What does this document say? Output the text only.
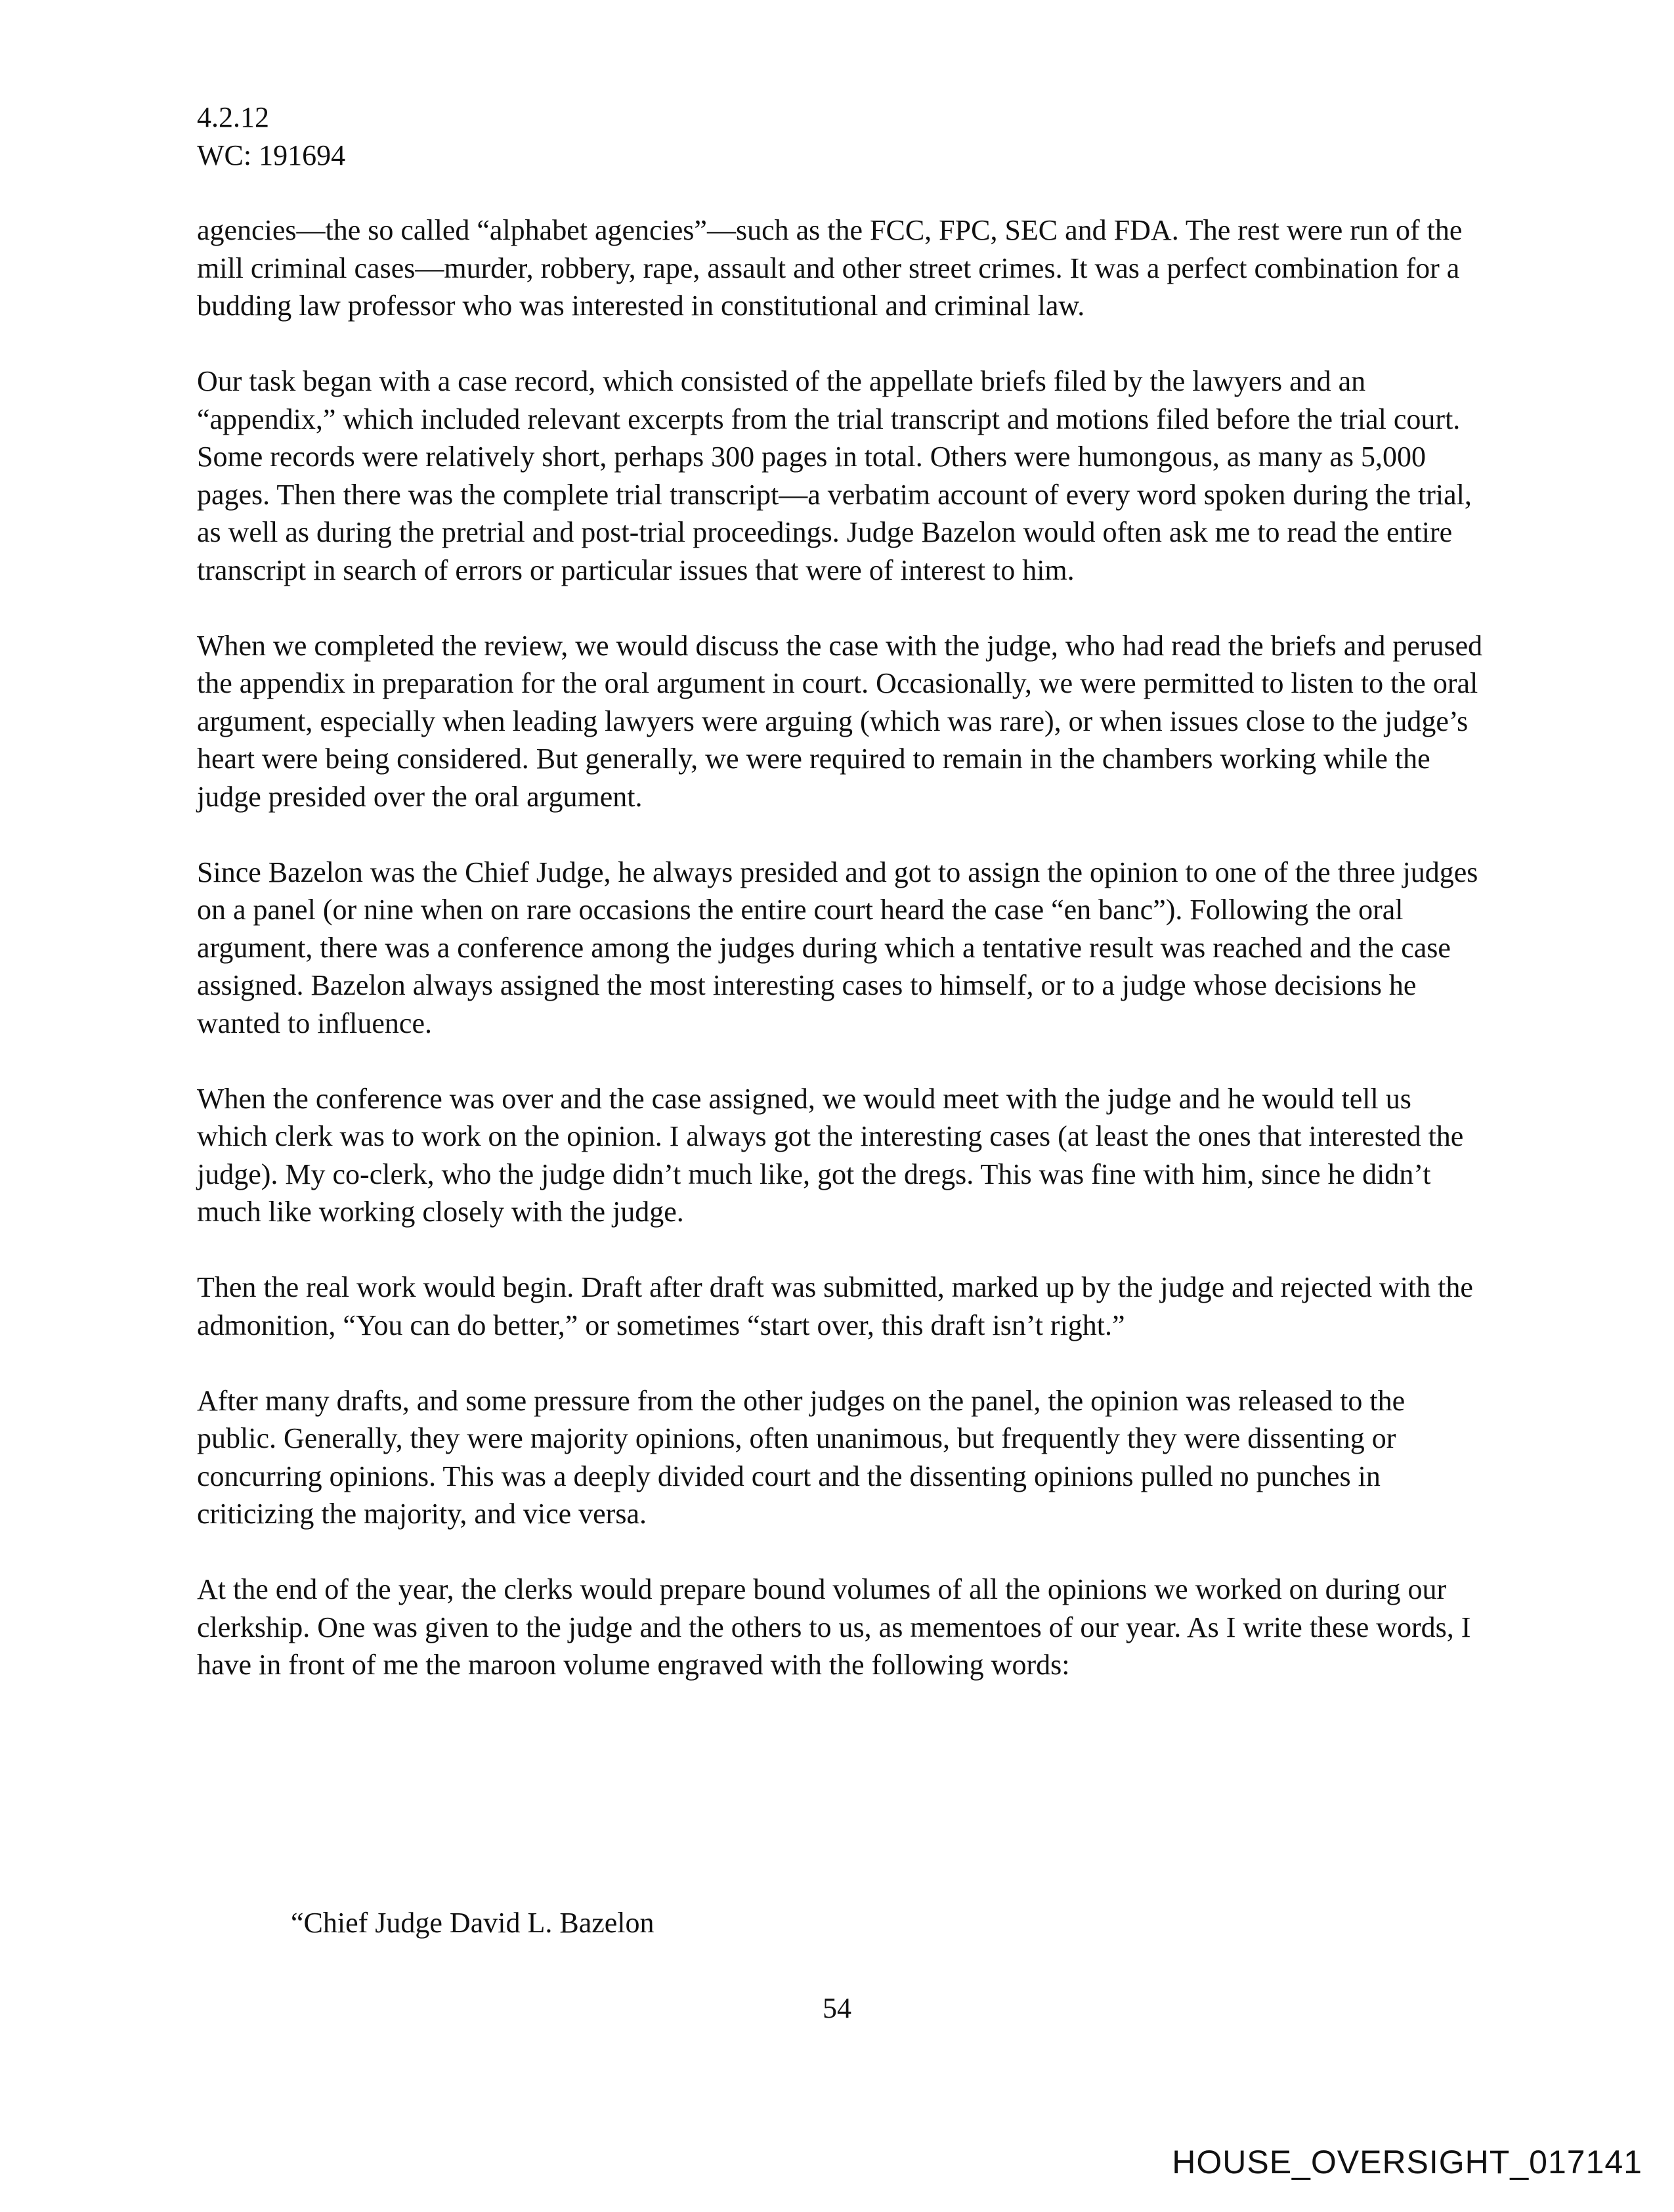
4.2.12
WC: 191694

agencies—the so called “alphabet agencies”—such as the FCC, FPC, SEC and FDA. The rest were run of the mill criminal cases—murder, robbery, rape, assault and other street crimes. It was a perfect combination for a budding law professor who was interested in constitutional and criminal law.

Our task began with a case record, which consisted of the appellate briefs filed by the lawyers and an “appendix,” which included relevant excerpts from the trial transcript and motions filed before the trial court. Some records were relatively short, perhaps 300 pages in total. Others were humongous, as many as 5,000 pages. Then there was the complete trial transcript—a verbatim account of every word spoken during the trial, as well as during the pretrial and post-trial proceedings. Judge Bazelon would often ask me to read the entire transcript in search of errors or particular issues that were of interest to him.

When we completed the review, we would discuss the case with the judge, who had read the briefs and perused the appendix in preparation for the oral argument in court. Occasionally, we were permitted to listen to the oral argument, especially when leading lawyers were arguing (which was rare), or when issues close to the judge’s heart were being considered. But generally, we were required to remain in the chambers working while the judge presided over the oral argument.

Since Bazelon was the Chief Judge, he always presided and got to assign the opinion to one of the three judges on a panel (or nine when on rare occasions the entire court heard the case “en banc”). Following the oral argument, there was a conference among the judges during which a tentative result was reached and the case assigned. Bazelon always assigned the most interesting cases to himself, or to a judge whose decisions he wanted to influence.

When the conference was over and the case assigned, we would meet with the judge and he would tell us which clerk was to work on the opinion. I always got the interesting cases (at least the ones that interested the judge). My co-clerk, who the judge didn’t much like, got the dregs. This was fine with him, since he didn’t much like working closely with the judge.

Then the real work would begin. Draft after draft was submitted, marked up by the judge and rejected with the admonition, “You can do better,” or sometimes “start over, this draft isn’t right.”

After many drafts, and some pressure from the other judges on the panel, the opinion was released to the public. Generally, they were majority opinions, often unanimous, but frequently they were dissenting or concurring opinions. This was a deeply divided court and the dissenting opinions pulled no punches in criticizing the majority, and vice versa.

At the end of the year, the clerks would prepare bound volumes of all the opinions we worked on during our clerkship. One was given to the judge and the others to us, as mementoes of our year. As I write these words, I have in front of me the maroon volume engraved with the following words:

“Chief Judge David L. Bazelon
54
HOUSE_OVERSIGHT_017141
